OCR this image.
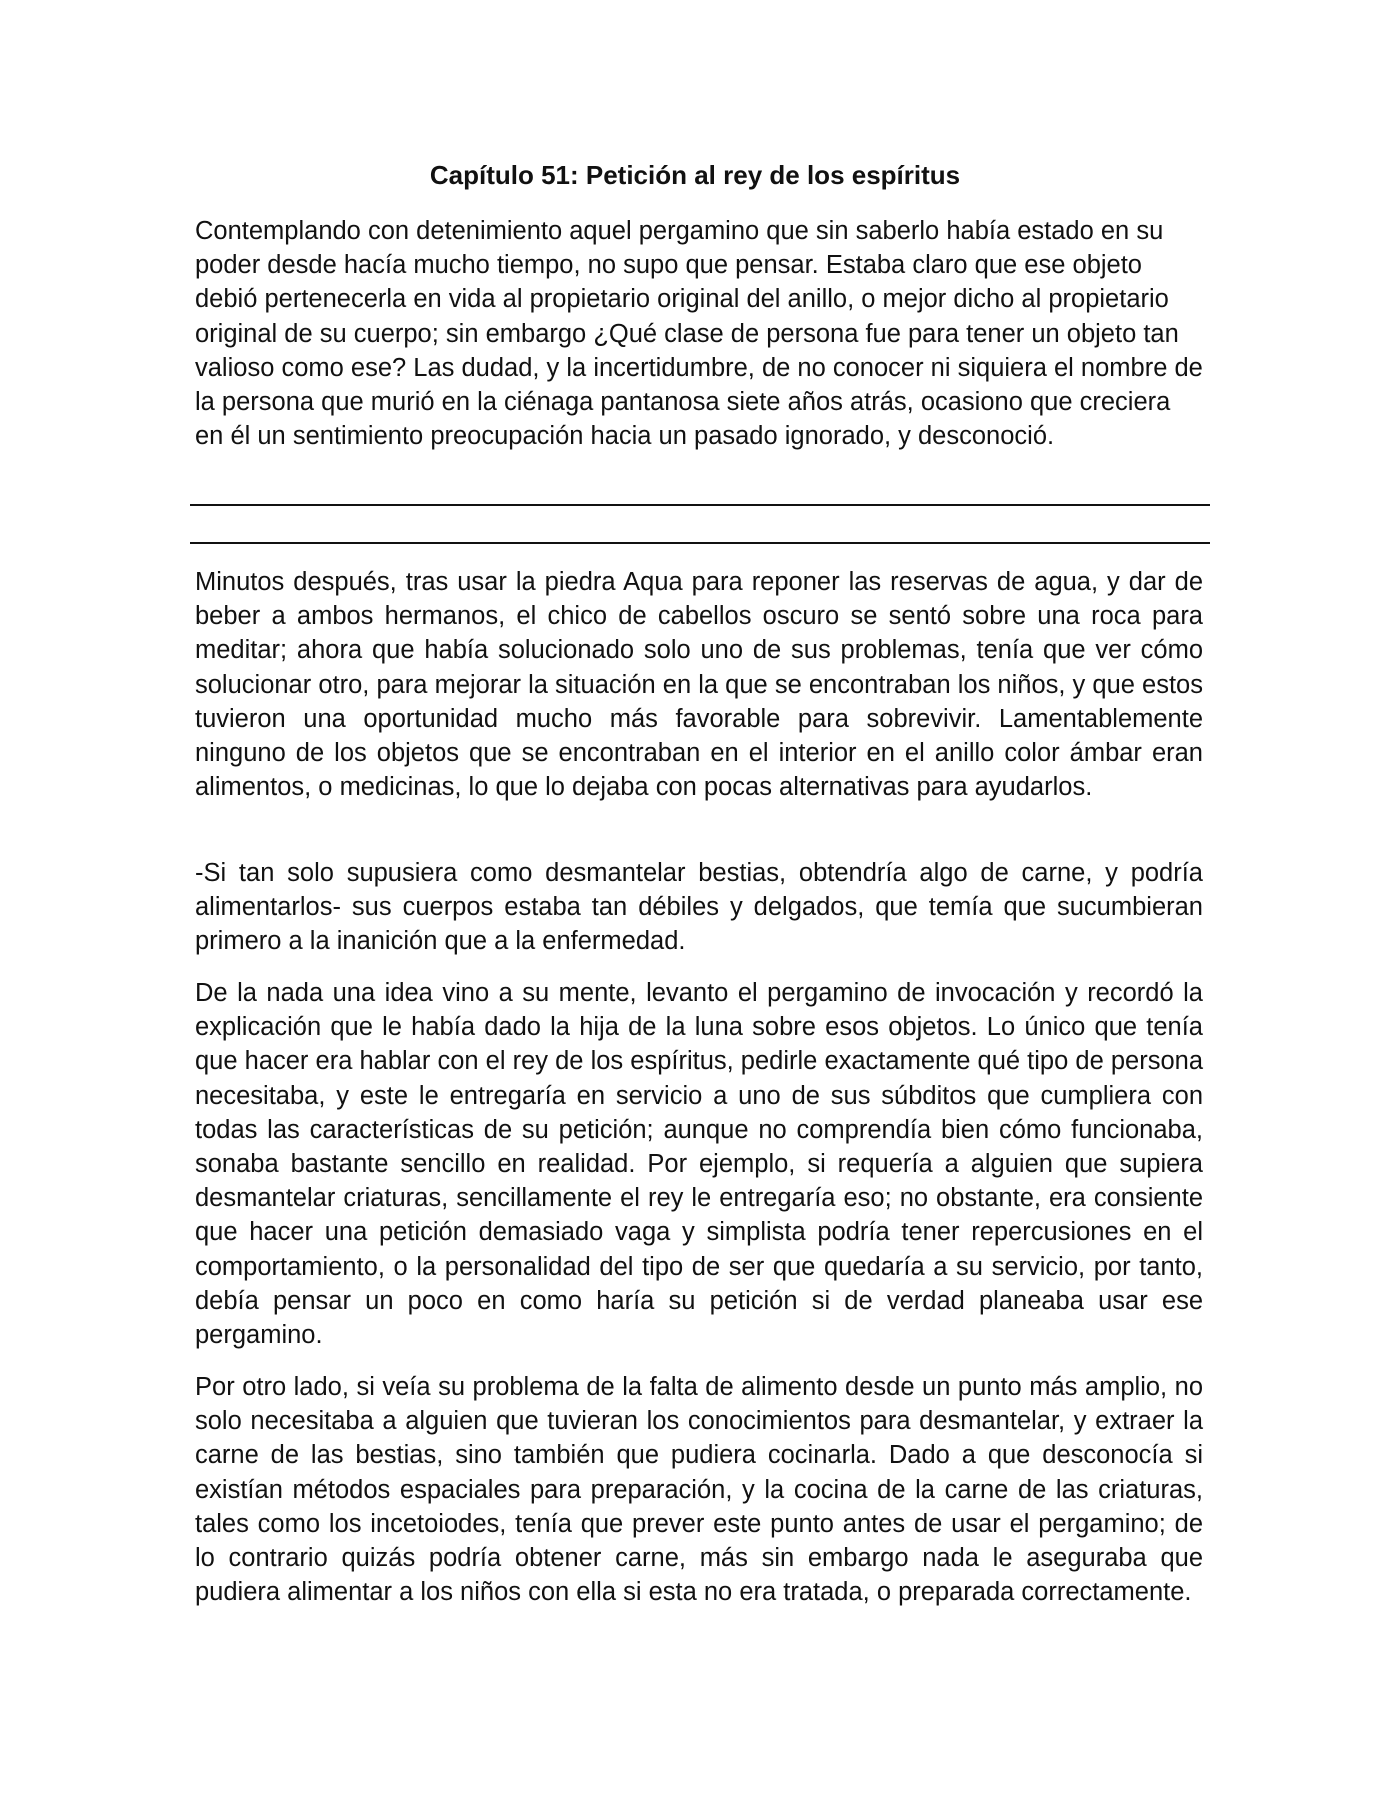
Capítulo 51: Petición al rey de los espíritus

Contemplando con detenimiento aquel pergamino que sin saberlo había estado en su poder desde hacía mucho tiempo, no supo que pensar. Estaba claro que ese objeto debió pertenecerla en vida al propietario original del anillo, o mejor dicho al propietario original de su cuerpo; sin embargo ¿Qué clase de persona fue para tener un objeto tan valioso como ese? Las dudad, y la incertidumbre, de no conocer ni siquiera el nombre de la persona que murió en la ciénaga pantanosa siete años atrás, ocasiono que creciera en él un sentimiento preocupación hacia un pasado ignorado, y desconoció.

Minutos después, tras usar la piedra Aqua para reponer las reservas de agua, y dar de beber a ambos hermanos, el chico de cabellos oscuro se sentó sobre una roca para meditar; ahora que había solucionado solo uno de sus problemas, tenía que ver cómo solucionar otro, para mejorar la situación en la que se encontraban los niños, y que estos tuvieron una oportunidad mucho más favorable para sobrevivir. Lamentablemente ninguno de los objetos que se encontraban en el interior en el anillo color ámbar eran alimentos, o medicinas, lo que lo dejaba con pocas alternativas para ayudarlos.

-Si tan solo supusiera como desmantelar bestias, obtendría algo de carne, y podría alimentarlos- sus cuerpos estaba tan débiles y delgados, que temía que sucumbieran primero a la inanición que a la enfermedad.

De la nada una idea vino a su mente, levanto el pergamino de invocación y recordó la explicación que le había dado la hija de la luna sobre esos objetos. Lo único que tenía que hacer era hablar con el rey de los espíritus, pedirle exactamente qué tipo de persona necesitaba, y este le entregaría en servicio a uno de sus súbditos que cumpliera con todas las características de su petición; aunque no comprendía bien cómo funcionaba, sonaba bastante sencillo en realidad. Por ejemplo, si requería a alguien que supiera desmantelar criaturas, sencillamente el rey le entregaría eso; no obstante, era consiente que hacer una petición demasiado vaga y simplista podría tener repercusiones en el comportamiento, o la personalidad del tipo de ser que quedaría a su servicio, por tanto, debía pensar un poco en como haría su petición si de verdad planeaba usar ese pergamino.

Por otro lado, si veía su problema de la falta de alimento desde un punto más amplio, no solo necesitaba a alguien que tuvieran los conocimientos para desmantelar, y extraer la carne de las bestias, sino también que pudiera cocinarla. Dado a que desconocía si existían métodos espaciales para preparación, y la cocina de la carne de las criaturas, tales como los incetoiodes, tenía que prever este punto antes de usar el pergamino; de lo contrario quizás podría obtener carne, más sin embargo nada le aseguraba que pudiera alimentar a los niños con ella si esta no era tratada, o preparada correctamente.
